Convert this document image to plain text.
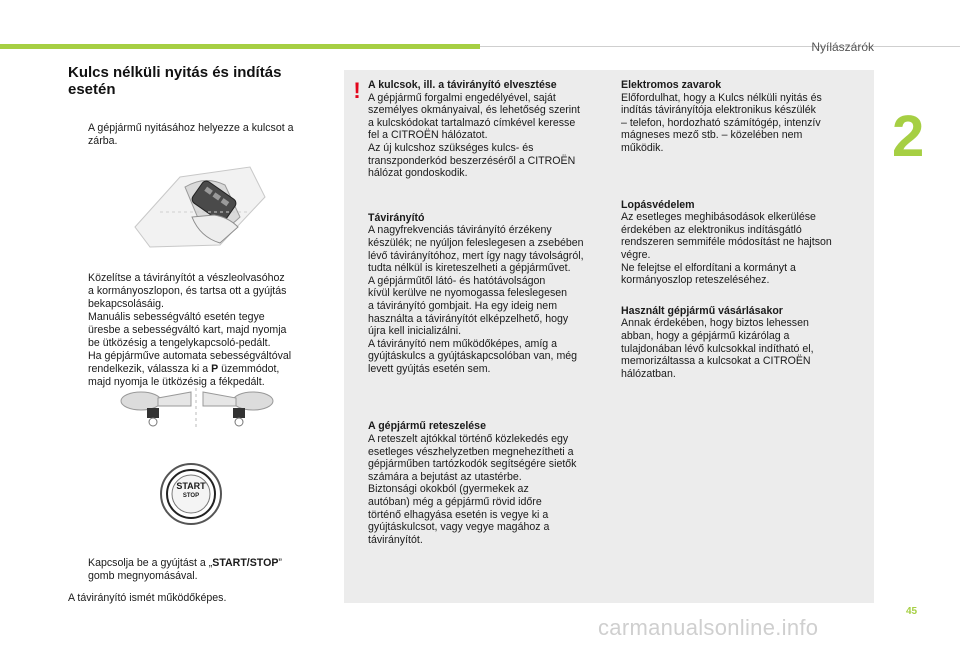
Nyílászárók
2
Kulcs nélküli nyitás és indítás
esetén
A gépjármű nyitásához helyezze a kulcsot a
zárba.
Közelítse a távirányítót a vészleolvasóhoz
a kormányoszlopon, és tartsa ott a gyújtás
bekapcsolásáig.
Manuális sebességváltó esetén tegye
üresbe a sebességváltó kart, majd nyomja
be ütközésig a tengelykapcsoló-pedált.
Ha gépjárműve automata sebességváltóval
rendelkezik, válassza ki a P üzemmódot,
majd nyomja le ütközésig a fékpedált.
Kapcsolja be a gyújtást a „START/STOP”
gomb megnyomásával.

A távirányító ismét működőképes.

START
STOP
! A kulcsok, ill. a távirányító elvesztése

A gépjármű forgalmi engedélyével, saját
személyes okmányaival, és lehetőség szerint
a kulcskódokat tartalmazó címkével keresse
fel a CITROËN hálózatot.
Az új kulcshoz szükséges kulcs- és
transzponderkód beszerzéséről a CITROËN
hálózat gondoskodik.

Távirányító

A nagyfrekvenciás távirányító érzékeny
készülék; ne nyúljon feleslegesen a zsebében
lévő távirányítóhoz, mert így nagy távolságról,
tudta nélkül is kireteszelheti a gépjárművet.
A gépjárműtől látó- és hatótávolságon
kívül kerülve ne nyomogassa feleslegesen
a távirányító gombjait. Ha egy ideig nem
használta a távirányítót elképzelhető, hogy
újra kell inicializálni.
A távirányító nem működőképes, amíg a
gyújtáskulcs a gyújtáskapcsolóban van, még
levett gyújtás esetén sem.

A gépjármű reteszelése

A reteszelt ajtókkal történő közlekedés egy
esetleges vészhelyzetben megnehezítheti a
gépjárműben tartózkodók segítségére sietők
számára a bejutást az utastérbe.
Biztonsági okokból (gyermekek az
autóban) még a gépjármű rövid időre
történő elhagyása esetén is vegye ki a
gyújtáskulcsot, vagy vegye magához a
távirányítót.

Elektromos zavarok

Előfordulhat, hogy a Kulcs nélküli nyitás és
indítás távirányítója elektronikus készülék
– telefon, hordozható számítógép, intenzív
mágneses mező stb. – közelében nem
működik.

Lopásvédelem

Az esetleges meghibásodások elkerülése
érdekében az elektronikus indításgátló
rendszeren semmiféle módosítást ne hajtson
végre.
Ne felejtse el elfordítani a kormányt a
kormányoszlop reteszeléséhez.

Használt gépjármű vásárlásakor

Annak érdekében, hogy biztos lehessen
abban, hogy a gépjármű kizárólag a
tulajdonában lévő kulcsokkal indítható el,
memorizáltassa a kulcsokat a CITROËN
hálózatban.
45
carmanualsonline.info
